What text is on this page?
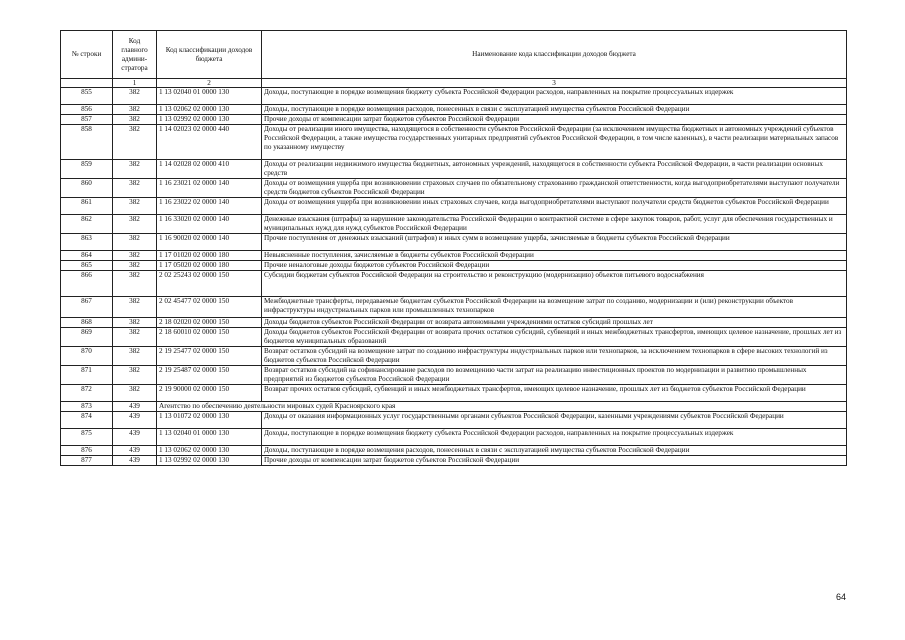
№ строки	Код главного админи-стратора	Код классификации доходов бюджета	Наименование кода классификации доходов бюджета
	1	2	3
855	382	1 13 02040 01 0000 130	Доходы, поступающие в порядке возмещения бюджету субъекта Российской Федерации расходов, направленных на покрытие процессуальных издержек
856	382	1 13 02062 02 0000 130	Доходы, поступающие в порядке возмещения расходов, понесенных в связи с эксплуатацией имущества субъектов Российской Федерации
857	382	1 13 02992 02 0000 130	Прочие доходы от компенсации затрат бюджетов субъектов Российской Федерации
858	382	1 14 02023 02 0000 440	Доходы от реализации иного имущества, находящегося в собственности субъектов Российской Федерации (за исключением имущества бюджетных и автономных учреждений субъектов Российской Федерации, а также имущества государственных унитарных предприятий субъектов Российской Федерации, в том числе казенных), в части реализации материальных запасов по указанному имуществу
859	382	1 14 02028 02 0000 410	Доходы от реализации недвижимого имущества бюджетных, автономных учреждений, находящегося в собственности субъекта Российской Федерации, в части реализации основных средств
860	382	1 16 23021 02 0000 140	Доходы от возмещения ущерба при возникновении страховых случаев по обязательному страхованию гражданской ответственности, когда выгодоприобретателями выступают получатели средств бюджетов субъектов Российской Федерации
861	382	1 16 23022 02 0000 140	Доходы от возмещения ущерба при возникновении иных страховых случаев, когда выгодоприобретателями выступают получатели средств бюджетов субъектов Российской Федерации
862	382	1 16 33020 02 0000 140	Денежные взыскания (штрафы) за нарушение законодательства Российской Федерации о контрактной системе в сфере закупок товаров, работ, услуг для обеспечения государственных и муниципальных нужд для нужд субъектов Российской Федерации
863	382	1 16 90020 02 0000 140	Прочие поступления от денежных взысканий (штрафов) и иных сумм в возмещение ущерба, зачисляемые в бюджеты субъектов Российской Федерации
864	382	1 17 01020 02 0000 180	Невыясненные поступления, зачисляемые в бюджеты субъектов Российской Федерации
865	382	1 17 05020 02 0000 180	Прочие неналоговые доходы бюджетов субъектов Российской Федерации
866	382	2 02 25243 02 0000 150	Субсидии бюджетам субъектов Российской Федерации на строительство и реконструкцию (модернизацию) объектов питьевого водоснабжения
867	382	2 02 45477 02 0000 150	Межбюджетные трансферты, передаваемые бюджетам субъектов Российской Федерации на возмещение затрат по созданию, модернизации и (или) реконструкции объектов инфраструктуры индустриальных парков или промышленных технопарков
868	382	2 18 02020 02 0000 150	Доходы бюджетов субъектов Российской Федерации от возврата автономными учреждениями остатков субсидий прошлых лет
869	382	2 18 60010 02 0000 150	Доходы бюджетов субъектов Российской Федерации от возврата прочих остатков субсидий, субвенций и иных межбюджетных трансфертов, имеющих целевое назначение, прошлых лет из бюджетов муниципальных образований
870	382	2 19 25477 02 0000 150	Возврат остатков субсидий на возмещение затрат по созданию инфраструктуры индустриальных парков или технопарков, за исключением технопарков в сфере высоких технологий из бюджетов субъектов Российской Федерации
871	382	2 19 25487 02 0000 150	Возврат остатков субсидий на софинансирование расходов по возмещению части затрат на реализацию инвестиционных проектов по модернизации и развитию промышленных предприятий из бюджетов субъектов Российской Федерации
872	382	2 19 90000 02 0000 150	Возврат прочих остатков субсидий, субвенций и иных межбюджетных трансфертов, имеющих целевое назначение, прошлых лет из бюджетов субъектов Российской Федерации
873	439	Агентство по обеспечению деятельности мировых судей Красноярского края	
874	439	1 13 01072 02 0000 130	Доходы от оказания информационных услуг государственными органами субъектов Российской Федерации, казенными учреждениями субъектов Российской Федерации
875	439	1 13 02040 01 0000 130	Доходы, поступающие в порядке возмещения бюджету субъекта Российской Федерации расходов, направленных на покрытие процессуальных издержек
876	439	1 13 02062 02 0000 130	Доходы, поступающие в порядке возмещения расходов, понесенных в связи с эксплуатацией имущества субъектов Российской Федерации
877	439	1 13 02992 02 0000 130	Прочие доходы от компенсации затрат бюджетов субъектов Российской Федерации
64
